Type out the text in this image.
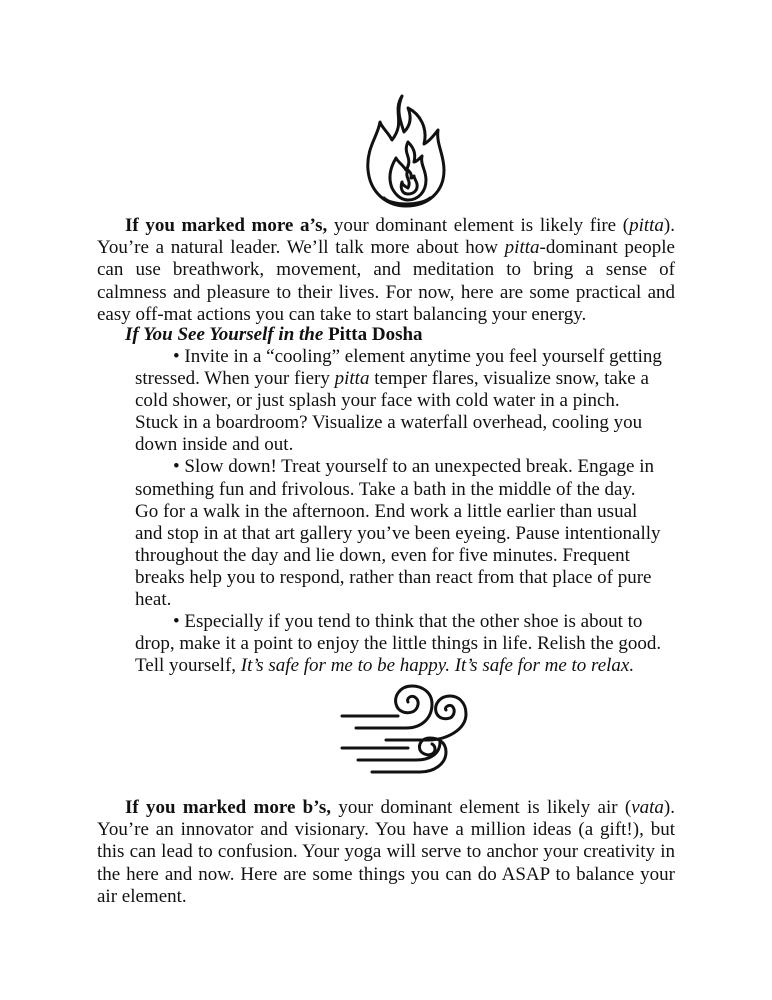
If you marked more a’s, your dominant element is likely fire (pitta). You’re a natural leader. We’ll talk more about how pitta-dominant people can use breathwork, movement, and meditation to bring a sense of calmness and pleasure to their lives. For now, here are some practical and easy off-mat actions you can take to start balancing your energy.

If You See Yourself in the Pitta Dosha

• Invite in a “cooling” element anytime you feel yourself getting stressed. When your fiery pitta temper flares, visualize snow, take a cold shower, or just splash your face with cold water in a pinch. Stuck in a boardroom? Visualize a waterfall overhead, cooling you down inside and out.

• Slow down! Treat yourself to an unexpected break. Engage in something fun and frivolous. Take a bath in the middle of the day. Go for a walk in the afternoon. End work a little earlier than usual and stop in at that art gallery you’ve been eyeing. Pause intentionally throughout the day and lie down, even for five minutes. Frequent breaks help you to respond, rather than react from that place of pure heat.

• Especially if you tend to think that the other shoe is about to drop, make it a point to enjoy the little things in life. Relish the good. Tell yourself, It’s safe for me to be happy. It’s safe for me to relax.

If you marked more b’s, your dominant element is likely air (vata). You’re an innovator and visionary. You have a million ideas (a gift!), but this can lead to confusion. Your yoga will serve to anchor your creativity in the here and now. Here are some things you can do ASAP to balance your air element.
